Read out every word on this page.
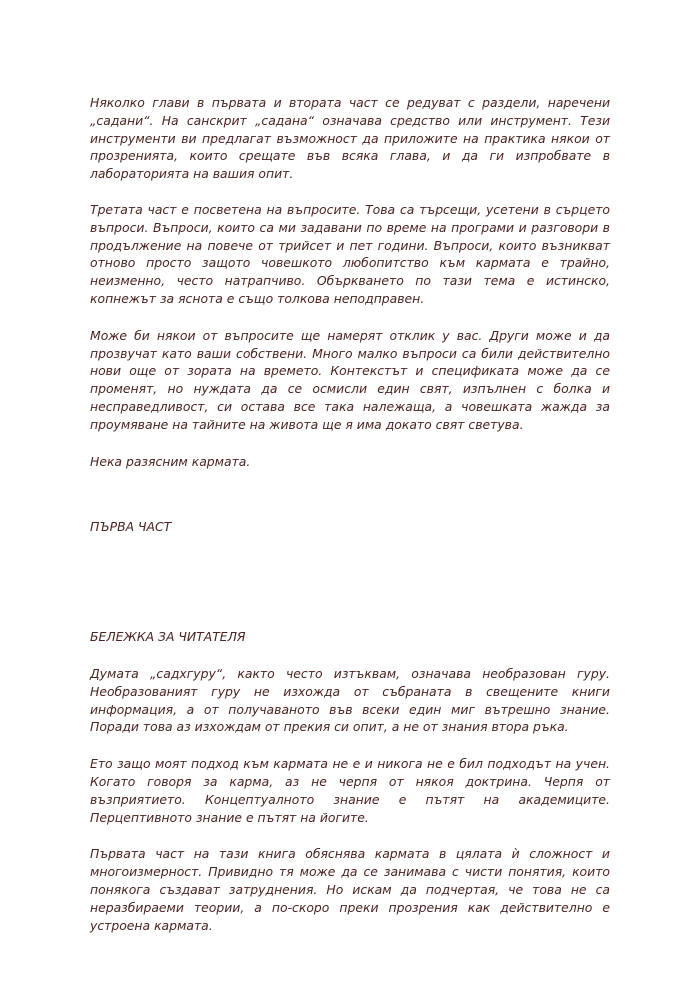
Няколко глави в първата и втората част се редуват с раздели, наречени „садани“. На санскрит „садана“ означава средство или инструмент. Тези инструменти ви предлагат възможност да приложите на практика някои от прозренията, които срещате във всяка глава, и да ги изпробвате в лабораторията на вашия опит.

Третата част е посветена на въпросите. Това са търсещи, усетени в сърцето въпроси. Въпроси, които са ми задавани по време на програми и разговори в продължение на повече от трийсет и пет години. Въпроси, които възникват отново просто защото човешкото любопитство към кармата е трайно, неизменно, често натрапчиво. Объркването по тази тема е истинско, копнежът за яснота е също толкова неподправен.

Може би някои от въпросите ще намерят отклик у вас. Други може и да прозвучат като ваши собствени. Много малко въпроси са били действително нови още от зората на времето. Контекстът и спецификата може да се променят, но нуждата да се осмисли един свят, изпълнен с болка и несправедливост, си остава все така належаща, а човешката жажда за проумяване на тайните на живота ще я има докато свят светува.

Нека разясним кармата.

ПЪРВА ЧАСТ

БЕЛЕЖКА ЗА ЧИТАТЕЛЯ

Думата „садхгуру“, както често изтъквам, означава необразован гуру. Необразованият гуру не изхожда от събраната в свещените книги информация, а от получаваното във всеки един миг вътрешно знание. Поради това аз изхождам от прекия си опит, а не от знания втора ръка.

Ето защо моят подход към кармата не е и никога не е бил подходът на учен. Когато говоря за карма, аз не черпя от някоя доктрина. Черпя от възприятието. Концептуалното знание е пътят на академиците. Перцептивното знание е пътят на йогите.

Първата част на тази книга обяснява кармата в цялата ѝ сложност и многоизмерност. Привидно тя може да се занимава с чисти понятия, които понякога създават затруднения. Но искам да подчертая, че това не са неразбираеми теории, а по-скоро преки прозрения как действително е устроена кармата.
